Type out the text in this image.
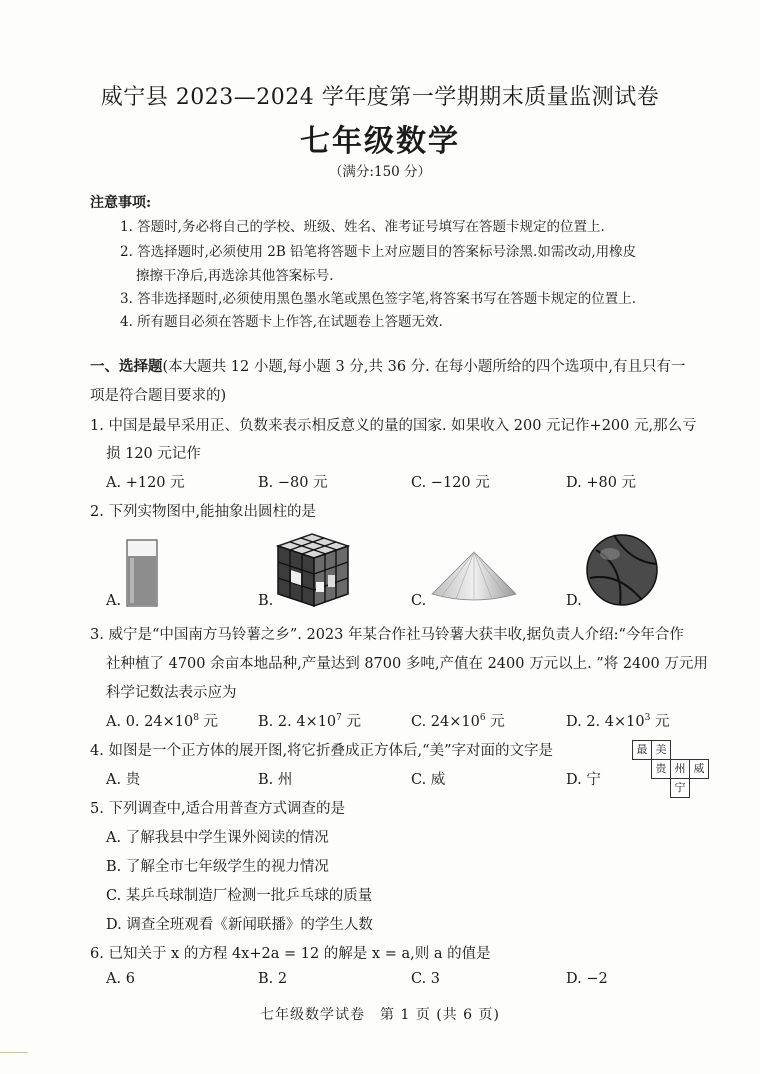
威宁县 2023—2024 学年度第一学期期末质量监测试卷
七年级数学
（满分:150 分）
注意事项:
1. 答题时,务必将自己的学校、班级、姓名、准考证号填写在答题卡规定的位置上.
2. 答选择题时,必须使用 2B 铅笔将答题卡上对应题目的答案标号涂黑.如需改动,用橡皮
擦擦干净后,再选涂其他答案标号.
3. 答非选择题时,必须使用黑色墨水笔或黑色签字笔,将答案书写在答题卡规定的位置上.
4. 所有题目必须在答题卡上作答,在试题卷上答题无效.
一、选择题(本大题共 12 小题,每小题 3 分,共 36 分. 在每小题所给的四个选项中,有且只有一
项是符合题目要求的)
1. 中国是最早采用正、负数来表示相反意义的量的国家. 如果收入 200 元记作+200 元,那么亏
损 120 元记作
A. +120 元	B. −80 元	C. −120 元	D. +80 元
2. 下列实物图中,能抽象出圆柱的是
A.	B.	C.	D.
3. 威宁是“中国南方马铃薯之乡”. 2023 年某合作社马铃薯大获丰收,据负责人介绍:“今年合作
社种植了 4700 余亩本地品种,产量达到 8700 多吨,产值在 2400 万元以上. ”将 2400 万元用
科学记数法表示应为
A. 0. $24\times 10^8$ 元	B. 2. $4\times 10^7$ 元	C. $24\times 10^6$ 元	D. 2. $4\times 10^3$ 元
4. 如图是一个正方体的展开图,将它折叠成正方体后,“美”字对面的文字是
A. 贵	B. 州	C. 威	D. 宁
最 美
贵 州 威
宁
5. 下列调查中,适合用普查方式调查的是
A. 了解我县中学生课外阅读的情况
B. 了解全市七年级学生的视力情况
C. 某乒乓球制造厂检测一批乒乓球的质量
D. 调查全班观看《新闻联播》的学生人数
6. 已知关于 x 的方程 4x+2a = 12 的解是 x = a,则 a 的值是
A. 6	B. 2	C. 3	D. −2
七年级数学试卷　第 1 页 (共 6 页)
